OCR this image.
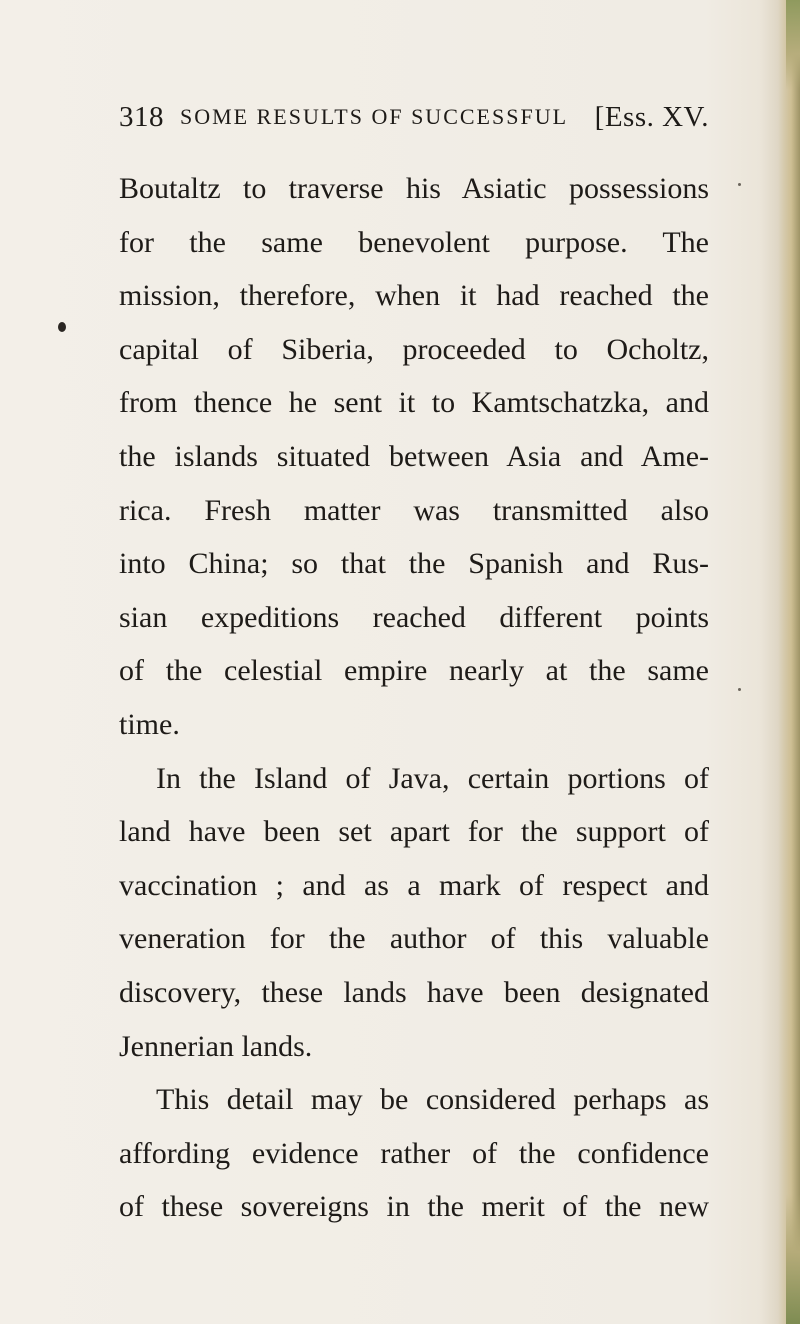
318 SOME RESULTS OF SUCCESSFUL [Ess. XV.
Boutaltz to traverse his Asiatic possessions
for the same benevolent purpose. The
mission, therefore, when it had reached the
capital of Siberia, proceeded to Ocholtz,
from thence he sent it to Kamtschatzka, and
the islands situated between Asia and Ame-
rica. Fresh matter was transmitted also
into China; so that the Spanish and Rus-
sian expeditions reached different points
of the celestial empire nearly at the same
time.
In the Island of Java, certain portions of
land have been set apart for the support of
vaccination ; and as a mark of respect and
veneration for the author of this valuable
discovery, these lands have been designated
Jennerian lands.
This detail may be considered perhaps as
affording evidence rather of the confidence
of these sovereigns in the merit of the new
